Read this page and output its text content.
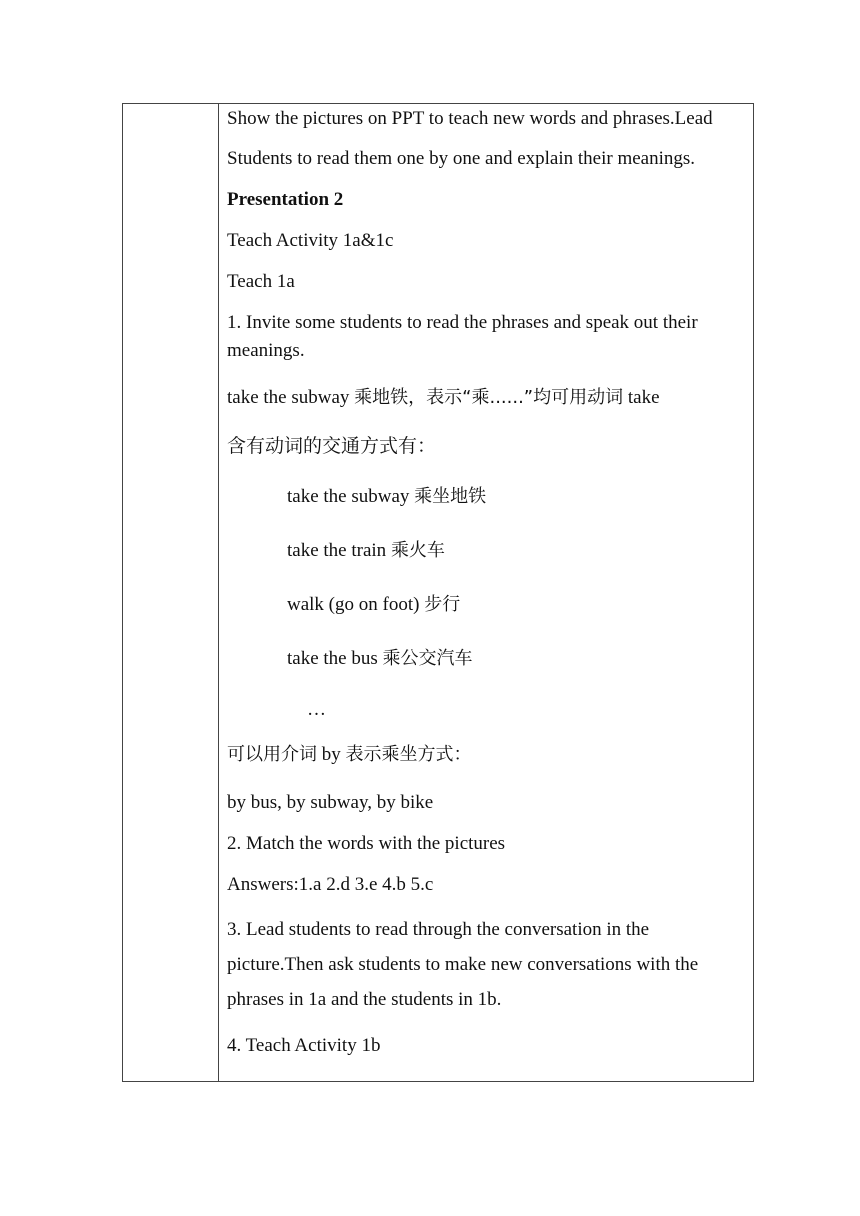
Show the pictures on PPT to teach new words and phrases.Lead
Students to read them one by one and explain their meanings.
Presentation 2
Teach Activity 1a&1c
Teach 1a
1. Invite some students to read the phrases and speak out their meanings.
take the subway 乘地铁，表示“乘......”均可用动词 take
含有动词的交通方式有：
take the subway 乘坐地铁
take the train 乘火车
walk (go on foot) 步行
take the bus 乘公交汽车
…
可以用介词 by 表示乘坐方式：
by bus, by subway, by bike
2. Match the words with the pictures
Answers:1.a 2.d 3.e 4.b 5.c
3. Lead students to read through the conversation in the picture.Then ask students to make new conversations with the phrases in 1a and the students in 1b.
4. Teach Activity 1b
